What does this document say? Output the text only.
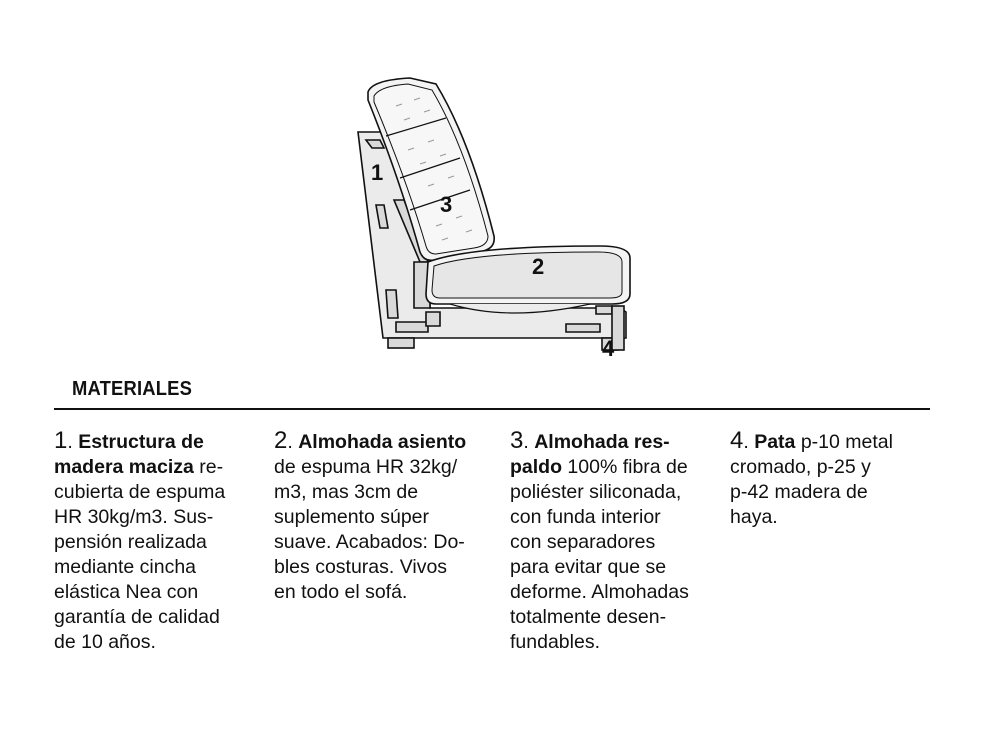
1
2
3
4
MATERIALES
1. Estructura de
madera maciza re-
cubierta de espuma
HR 30kg/m3. Sus-
pensión realizada
mediante cincha
elástica Nea con
garantía de calidad
de 10 años.
2. Almohada asiento
de espuma HR 32kg/
m3, mas 3cm de
suplemento súper
suave. Acabados: Do-
bles costuras. Vivos
en todo el sofá.
3. Almohada res-
paldo 100% fibra de
poliéster siliconada,
con funda interior
con separadores
para evitar que se
deforme. Almohadas
totalmente desen-
fundables.
4. Pata p-10 metal
cromado, p-25 y
p-42 madera de
haya.
